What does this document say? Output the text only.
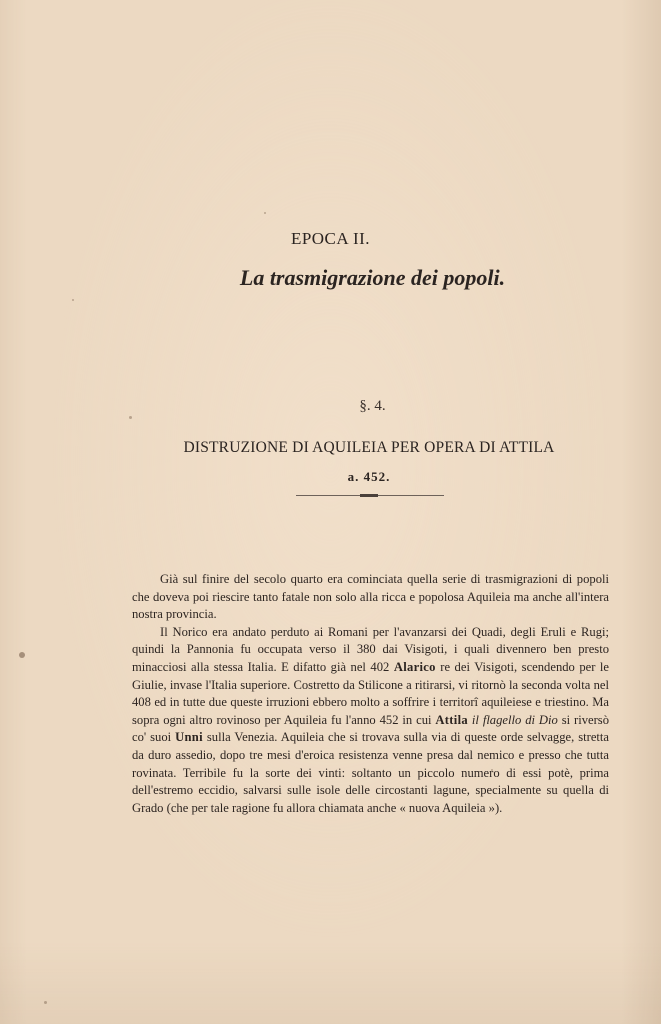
EPOCA II.
La trasmigrazione dei popoli.
§. 4.
DISTRUZIONE DI AQUILEIA PER OPERA DI ATTILA
a. 452.

Già sul finire del secolo quarto era cominciata quella serie di trasmigrazioni di popoli che doveva poi riescire tanto fatale non solo alla ricca e popolosa Aquileia ma anche all'intera nostra provincia.

Il Norico era andato perduto ai Romani per l'avanzarsi dei Quadi, degli Eruli e Rugi; quindi la Pannonia fu occupata verso il 380 dai Visigoti, i quali divennero ben presto minacciosi alla stessa Italia. E difatto già nel 402 Alarico re dei Visigoti, scendendo per le Giulie, invase l'Italia superiore. Costretto da Stilicone a ritirarsi, vi ritornò la seconda volta nel 408 ed in tutte due queste irruzioni ebbero molto a soffrire i territorî aquileiese e triestino. Ma sopra ogni altro rovinoso per Aquileia fu l'anno 452 in cui Attila il flagello di Dio si riversò co' suoi Unni sulla Venezia. Aquileia che si trovava sulla via di queste orde selvagge, stretta da duro assedio, dopo tre mesi d'eroica resistenza venne presa dal nemico e presso che tutta rovinata. Terribile fu la sorte dei vinti: soltanto un piccolo numero di essi potè, prima dell'estremo eccidio, salvarsi sulle isole delle circostanti lagune, specialmente su quella di Grado (che per tale ragione fu allora chiamata anche « nuova Aquileia »).
